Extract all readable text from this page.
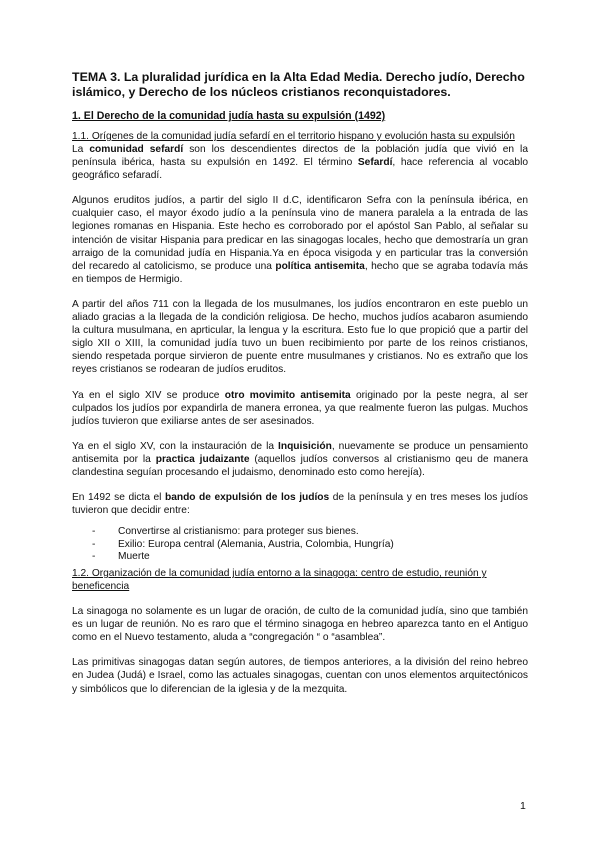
TEMA 3. La pluralidad jurídica en la Alta Edad Media. Derecho judío, Derecho islámico, y Derecho de los núcleos cristianos reconquistadores.
1. El Derecho de la comunidad judía hasta su expulsión (1492)
1.1. Orígenes de la comunidad judía sefardí en el territorio hispano y evolución hasta su expulsión

La comunidad sefardí son los descendientes directos de la población judía que vivió en la península ibérica, hasta su expulsión en 1492. El término Sefardí, hace referencia al vocablo geográfico sefaradí.

Algunos eruditos judíos, a partir del siglo II d.C, identificaron Sefra con la península ibérica, en cualquier caso, el mayor éxodo judío a la península vino de manera paralela a la entrada de las legiones romanas en Hispania. Este hecho es corroborado por el apóstol San Pablo, al señalar su intención de visitar Hispania para predicar en las sinagogas locales, hecho que demostraría un gran arraigo de la comunidad judía en Hispania.Ya en época visigoda y en particular tras la conversión del recaredo al catolicismo, se produce una política antisemita, hecho que se agraba todavía más en tiempos de Hermigio.

A partir del años 711 con la llegada de los musulmanes, los judíos encontraron en este pueblo un aliado gracias a la llegada de la condición religiosa. De hecho, muchos judíos acabaron asumiendo la cultura musulmana, en aprticular, la lengua y la escritura. Esto fue lo que propició que a partir del siglo XII o XIII, la comunidad judía tuvo un buen recibimiento por parte de los reinos cristianos, siendo respetada porque sirvieron de puente entre musulmanes y cristianos. No es extraño que los reyes cristianos se rodearan de judíos eruditos.

Ya en el siglo XIV se produce otro movimito antisemita originado por la peste negra, al ser culpados los judíos por expandirla de manera erronea, ya que realmente fueron las pulgas. Muchos judíos tuvieron que exiliarse antes de ser asesinados.

Ya en el siglo XV, con la instauración de la Inquisición, nuevamente se produce un pensamiento antisemita por la practica judaizante (aquellos judíos conversos al cristianismo qeu de manera clandestina seguían procesando el judaismo, denominado esto como herejía).

En 1492 se dicta el bando de expulsión de los judíos de la península y en tres meses los judíos tuvieron que decidir entre:

- Convertirse al cristianismo: para proteger sus bienes.
- Exilio: Europa central (Alemania, Austria, Colombia, Hungría)
- Muerte
1.2. Organización de la comunidad judía entorno a la sinagoga: centro de estudio, reunión y beneficencia

La sinagoga no solamente es un lugar de oración, de culto de la comunidad judía, sino que también es un lugar de reunión. No es raro que el término sinagoga en hebreo aparezca tanto en el Antiguo como en el Nuevo testamento, aluda a “congregación “ o “asamblea”.

Las primitivas sinagogas datan según autores, de tiempos anteriores, a la división del reino hebreo en Judea (Judá) e Israel, como las actuales sinagogas, cuentan con unos elementos arquitectónicos y simbólicos que lo diferencian de la iglesia y de la mezquita.

1
